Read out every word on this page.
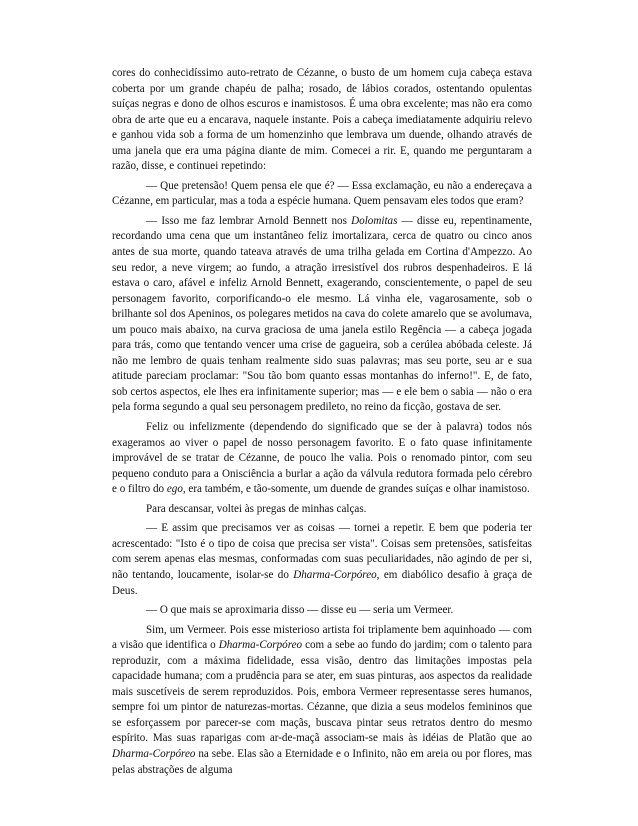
cores do conhecidíssimo auto-retrato de Cézanne, o busto de um homem cuja cabeça estava coberta por um grande chapéu de palha; rosado, de lábios corados, ostentando opulentas suíças negras e dono de olhos escuros e inamistosos. É uma obra excelente; mas não era como obra de arte que eu a encarava, naquele instante. Pois a cabeça imediatamente adquiriu relevo e ganhou vida sob a forma de um homenzinho que lembrava um duende, olhando através de uma janela que era uma página diante de mim. Comecei a rir. E, quando me perguntaram a razão, disse, e continuei repetindo:

— Que pretensão! Quem pensa ele que é? — Essa exclamação, eu não a endereçava a Cézanne, em particular, mas a toda a espécie humana. Quem pensavam eles todos que eram?

— Isso me faz lembrar Arnold Bennett nos Dolomitas — disse eu, repentinamente, recordando uma cena que um instantâneo feliz imortalizara, cerca de quatro ou cinco anos antes de sua morte, quando tateava através de uma trilha gelada em Cortina d'Ampezzo. Ao seu redor, a neve virgem; ao fundo, a atração irresistível dos rubros despenhadeiros. E lá estava o caro, afável e infeliz Arnold Bennett, exagerando, conscientemente, o papel de seu personagem favorito, corporificando-o ele mesmo. Lá vinha ele, vagarosamente, sob o brilhante sol dos Apeninos, os polegares metidos na cava do colete amarelo que se avolumava, um pouco mais abaixo, na curva graciosa de uma janela estilo Regência — a cabeça jogada para trás, como que tentando vencer uma crise de gagueira, sob a cerúlea abóbada celeste. Já não me lembro de quais tenham realmente sido suas palavras; mas seu porte, seu ar e sua atitude pareciam proclamar: "Sou tão bom quanto essas montanhas do inferno!". E, de fato, sob certos aspectos, ele lhes era infinitamente superior; mas — e ele bem o sabia — não o era pela forma segundo a qual seu personagem predileto, no reino da ficção, gostava de ser.

Feliz ou infelizmente (dependendo do significado que se der à palavra) todos nós exageramos ao viver o papel de nosso personagem favorito. E o fato quase infinitamente improvável de se tratar de Cézanne, de pouco lhe valia. Pois o renomado pintor, com seu pequeno conduto para a Onisciência a burlar a ação da válvula redutora formada pelo cérebro e o filtro do ego, era também, e tão-somente, um duende de grandes suíças e olhar inamistoso.

Para descansar, voltei às pregas de minhas calças.

— E assim que precisamos ver as coisas — tornei a repetir. E bem que poderia ter acrescentado: "Isto é o tipo de coisa que precisa ser vista". Coisas sem pretensões, satisfeitas com serem apenas elas mesmas, conformadas com suas peculiaridades, não agindo de per si, não tentando, loucamente, isolar-se do Dharma-Corpóreo, em diabólico desafio à graça de Deus.

— O que mais se aproximaria disso — disse eu — seria um Vermeer.

Sim, um Vermeer. Pois esse misterioso artista foi triplamente bem aquinhoado — com a visão que identifica o Dharma-Corpóreo com a sebe ao fundo do jardim; com o talento para reproduzir, com a máxima fidelidade, essa visão, dentro das limitações impostas pela capacidade humana; com a prudência para se ater, em suas pinturas, aos aspectos da realidade mais suscetíveis de serem reproduzidos. Pois, embora Vermeer representasse seres humanos, sempre foi um pintor de naturezas-mortas. Cézanne, que dizia a seus modelos femininos que se esforçassem por parecer-se com maçãs, buscava pintar seus retratos dentro do mesmo espírito. Mas suas raparigas com ar-de-maçã associam-se mais às idéias de Platão que ao Dharma-Corpóreo na sebe. Elas são a Eternidade e o Infinito, não em areia ou por flores, mas pelas abstrações de alguma
